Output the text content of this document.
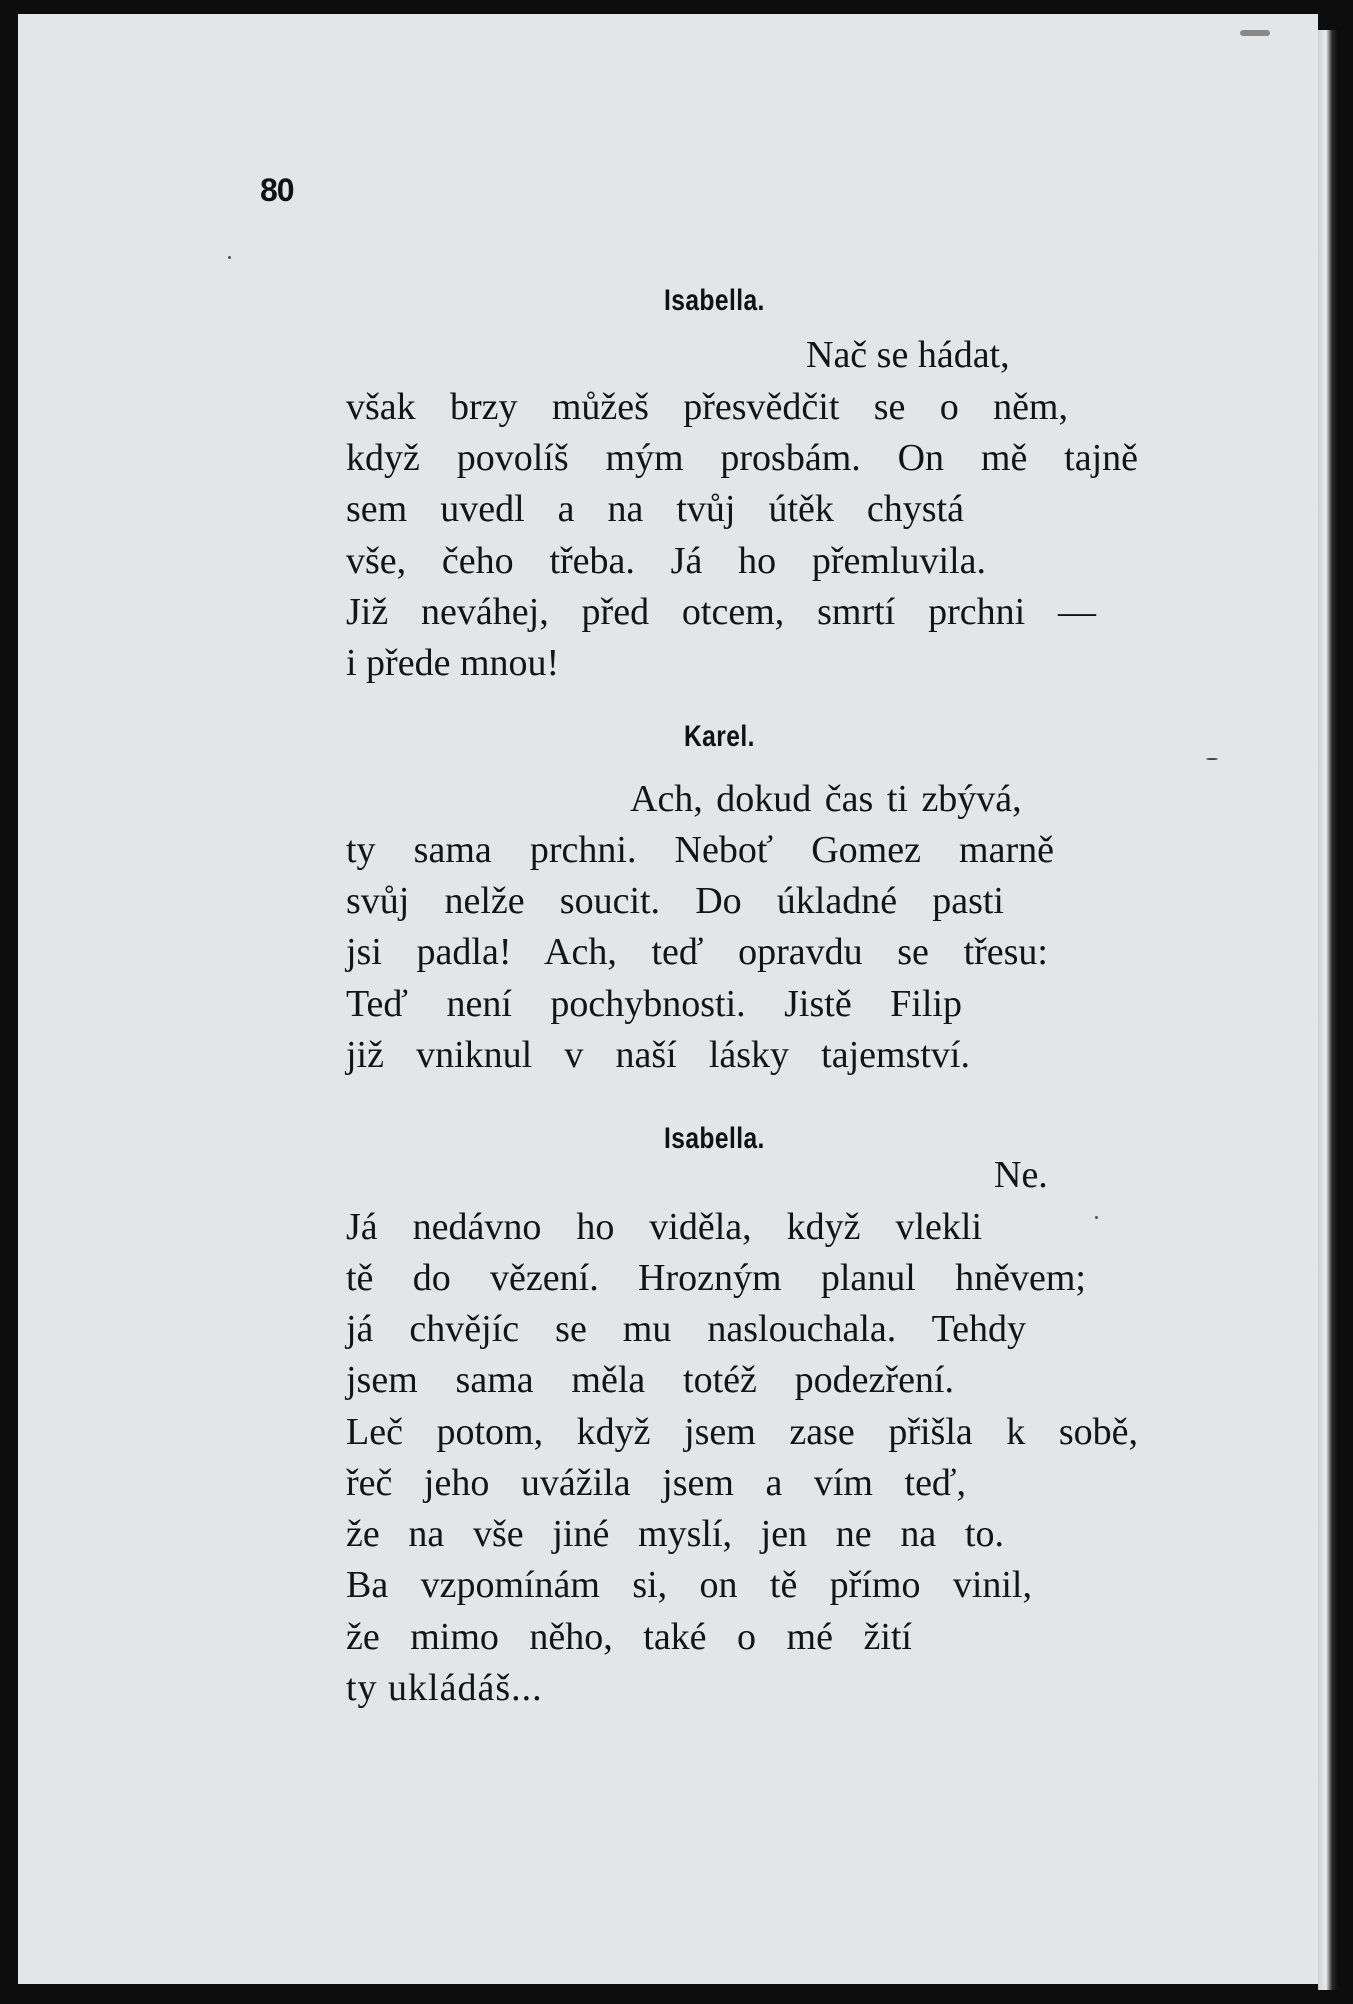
80
Isabella.
Nač se hádat,
však brzy můžeš přesvědčit se o něm,
když povolíš mým prosbám. On mě tajně
sem uvedl a na tvůj útěk chystá
vše, čeho třeba. Já ho přemluvila.
Již neváhej, před otcem, smrtí prchni —
i přede mnou!
Karel.
Ach, dokud čas ti zbývá,
ty sama prchni. Neboť Gomez marně
svůj nelže soucit. Do úkladné pasti
jsi padla! Ach, teď opravdu se třesu:
Teď není pochybnosti. Jistě Filip
již vniknul v naší lásky tajemství.
Isabella.
Ne.
Já nedávno ho viděla, když vlekli
tě do vězení. Hrozným planul hněvem;
já chvějíc se mu naslouchala. Tehdy
jsem sama měla totéž podezření.
Leč potom, když jsem zase přišla k sobě,
řeč jeho uvážila jsem a vím teď,
že na vše jiné myslí, jen ne na to.
Ba vzpomínám si, on tě přímo vinil,
že mimo něho, také o mé žití
ty ukládáš...
